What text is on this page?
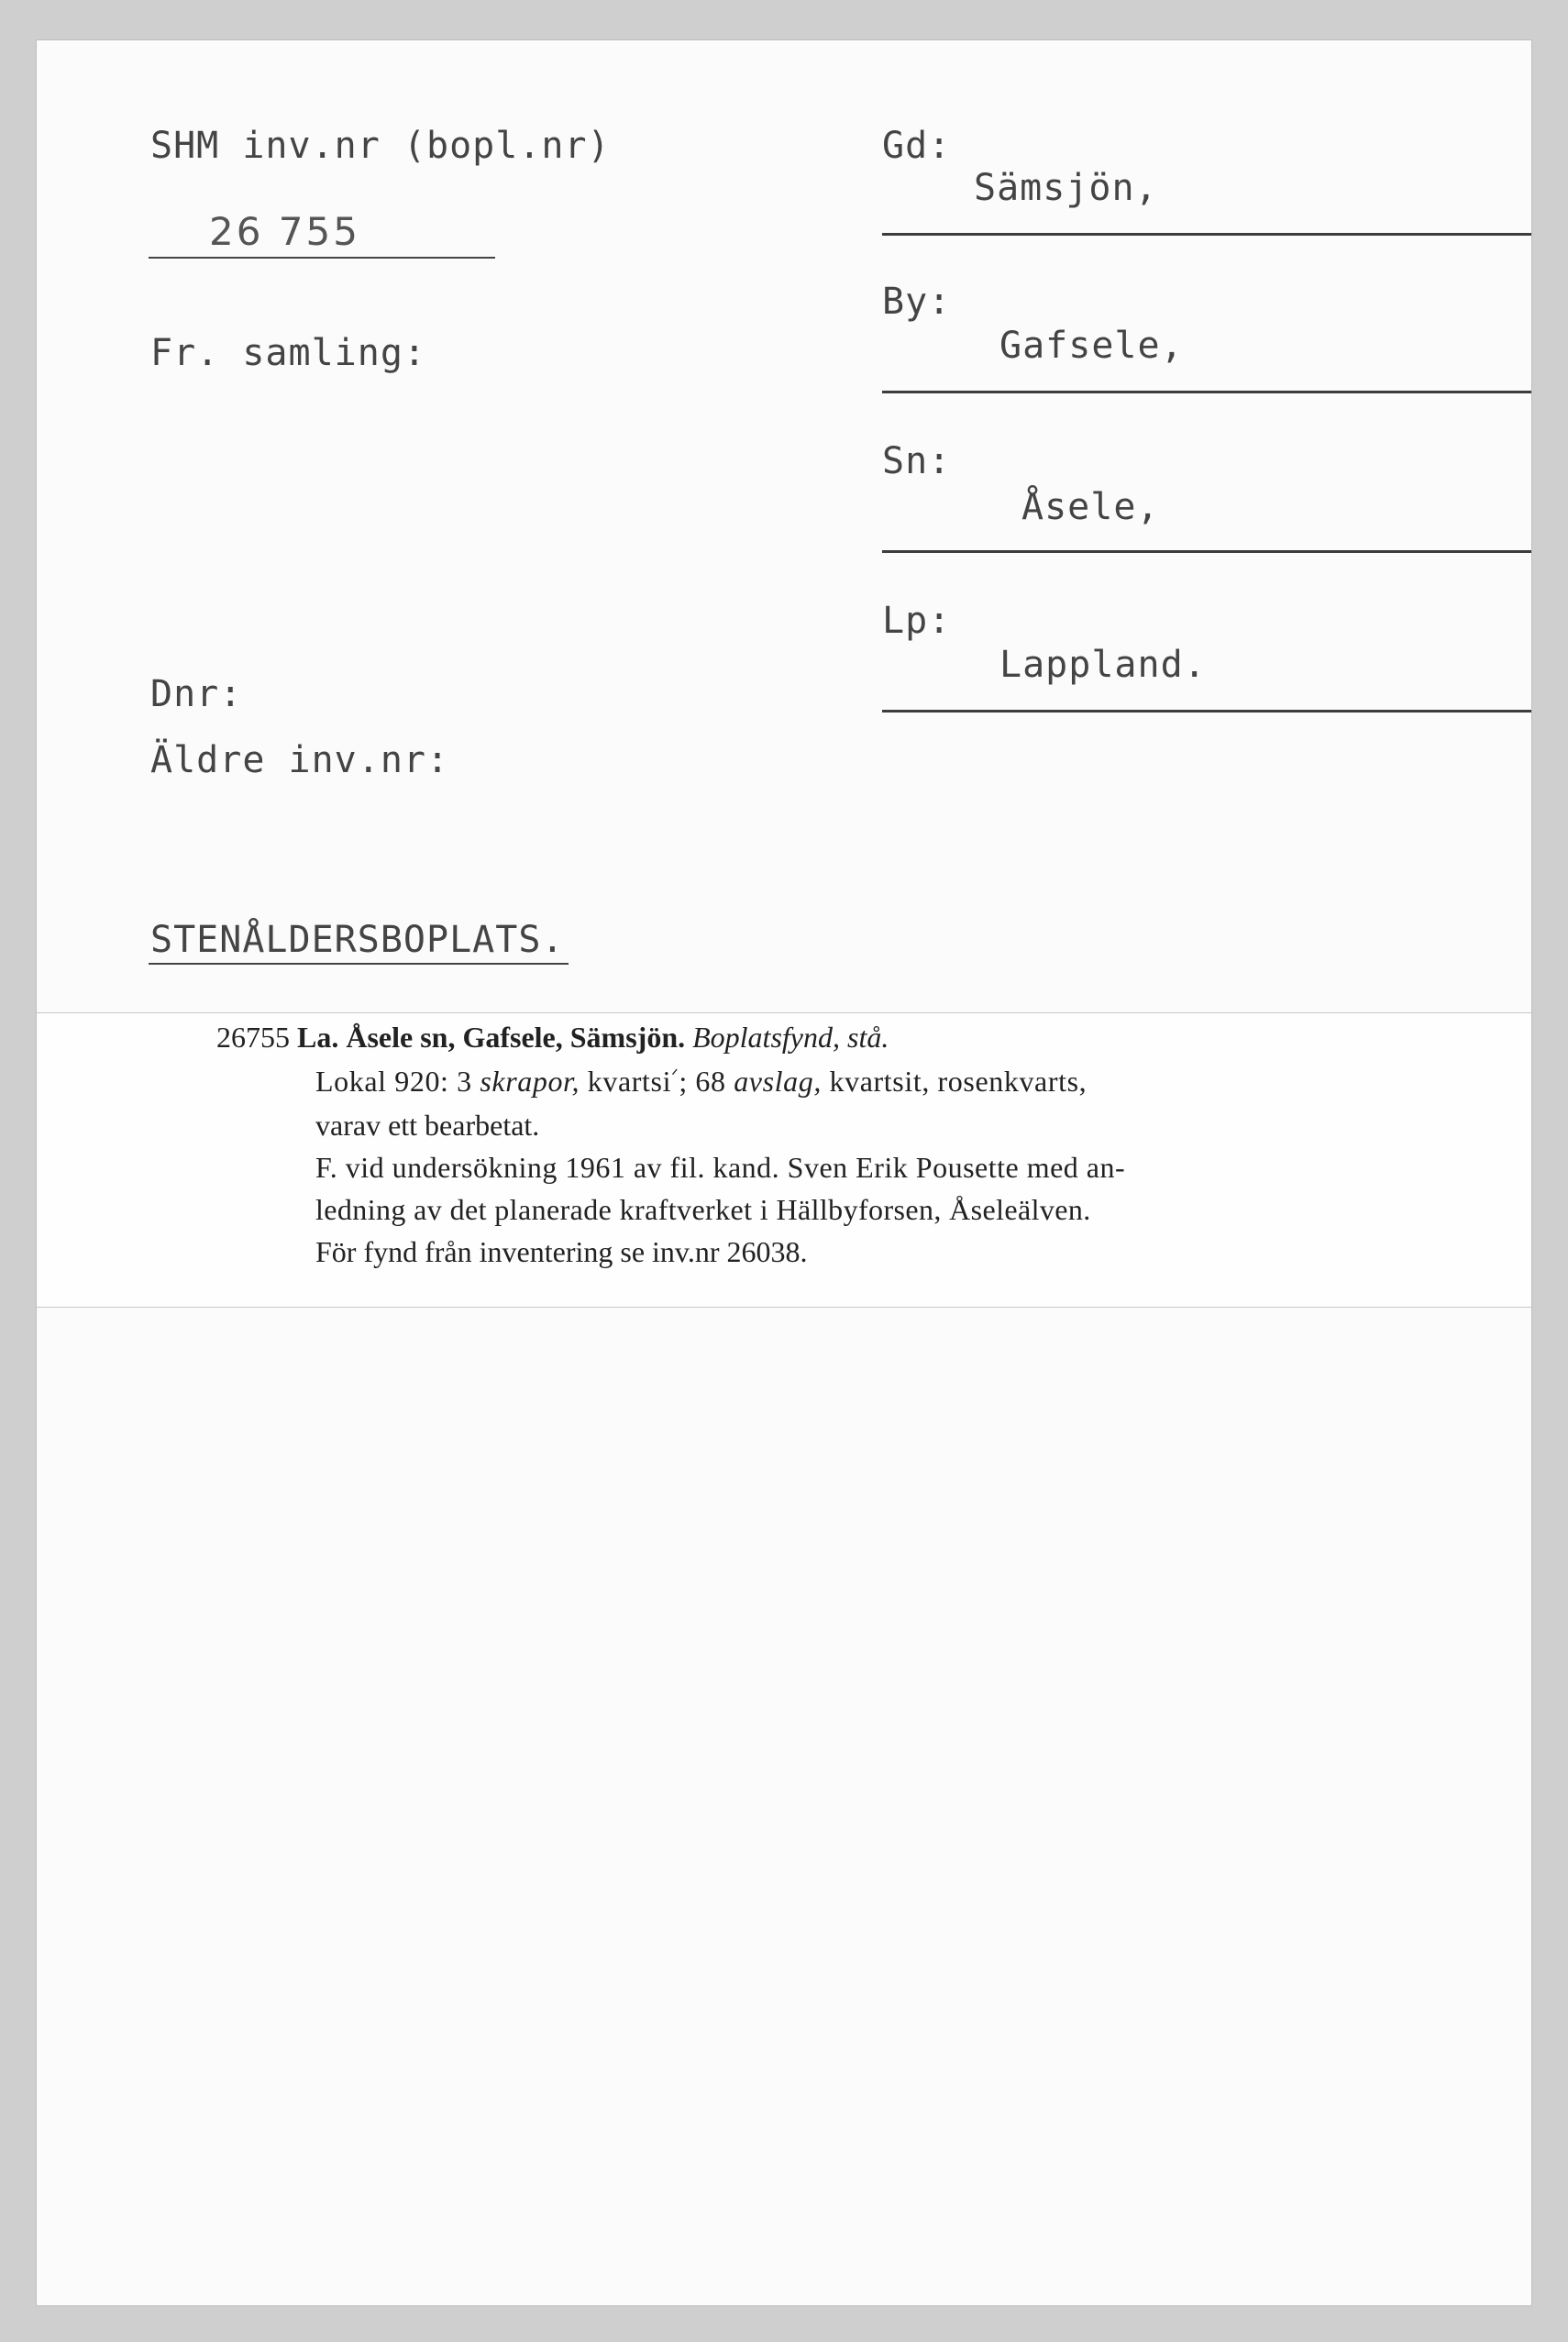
SHM inv.nr (bopl.nr)
26 755
Fr. samling:
Dnr:
Äldre inv.nr:
Gd:
Sämsjön,
By:
Gafsele,
Sn:
Åsele,
Lp:
Lappland.
STENÅLDERSBOPLATS.
26755 La. Åsele sn, Gafsele, Sämsjön. Boplatsfynd, stå.
Lokal 920: 3 skrapor, kvartsi$^ᐟ$; 68 avslag, kvartsit, rosenkvarts,
varav ett bearbetat.
F. vid undersökning 1961 av fil. kand. Sven Erik Pousette med an-
ledning av det planerade kraftverket i Hällbyforsen, Åseleälven.
För fynd från inventering se inv.nr 26038.
